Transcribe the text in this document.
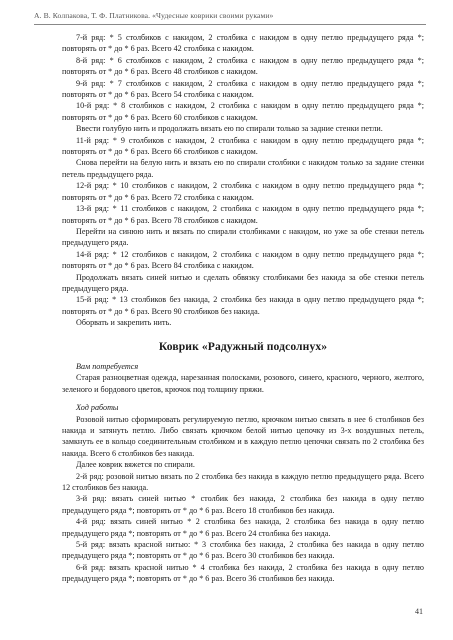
А. В. Колпакова, Т. Ф. Платникова. «Чудесные коврики своими руками»

7-й ряд: * 5 столбиков с накидом, 2 столбика с накидом в одну петлю предыдущего ряда *; повторять от * до * 6 раз. Всего 42 столбика с накидом.

8-й ряд: * 6 столбиков с накидом, 2 столбика с накидом в одну петлю предыдущего ряда *; повторять от * до * 6 раз. Всего 48 столбиков с накидом.

9-й ряд: * 7 столбиков с накидом, 2 столбика с накидом в одну петлю предыдущего ряда *; повторять от * до * 6 раз. Всего 54 столбика с накидом.

10-й ряд: * 8 столбиков с накидом, 2 столбика с накидом в одну петлю предыдущего ряда *; повторять от * до * 6 раз. Всего 60 столбиков с накидом.

Ввести голубую нить и продолжать вязать ею по спирали только за задние стенки петли.

11-й ряд: * 9 столбиков с накидом, 2 столбика с накидом в одну петлю предыдущего ряда *; повторять от * до * 6 раз. Всего 66 столбиков с накидом.

Снова перейти на белую нить и вязать ею по спирали столбики с накидом только за задние стенки петель предыдущего ряда.

12-й ряд: * 10 столбиков с накидом, 2 столбика с накидом в одну петлю предыдущего ряда *; повторять от * до * 6 раз. Всего 72 столбика с накидом.

13-й ряд: * 11 столбиков с накидом, 2 столбика с накидом в одну петлю предыдущего ряда *; повторять от * до * 6 раз. Всего 78 столбиков с накидом.

Перейти на синюю нить и вязать по спирали столбиками с накидом, но уже за обе стенки петель предыдущего ряда.

14-й ряд: * 12 столбиков с накидом, 2 столбика с накидом в одну петлю предыдущего ряда *; повторять от * до * 6 раз. Всего 84 столбика с накидом.

Продолжать вязать синей нитью и сделать обвязку столбиками без накида за обе стенки петель предыдущего ряда.

15-й ряд: * 13 столбиков без накида, 2 столбика без накида в одну петлю предыдущего ряда *; повторять от * до * 6 раз. Всего 90 столбиков без накида.

Оборвать и закрепить нить.

Коврик «Радужный подсолнух»

Вам потребуется

Старая разноцветная одежда, нарезанная полосками, розового, синего, красного, черного, желтого, зеленого и бордового цветов, крючок под толщину пряжи.

Ход работы

Розовой нитью сформировать регулируемую петлю, крючком нитью связать в нее 6 столбиков без накида и затянуть петлю. Либо связать крючком белой нитью цепочку из 3-х воздушных петель, замкнуть ее в кольцо соединительным столбиком и в каждую петлю цепочки связать по 2 столбика без накида. Всего 6 столбиков без накида.

Далее коврик вяжется по спирали.

2-й ряд: розовой нитью вязать по 2 столбика без накида в каждую петлю предыдущего ряда. Всего 12 столбиков без накида.

3-й ряд: вязать синей нитью * столбик без накида, 2 столбика без накида в одну петлю предыдущего ряда *; повторять от * до * 6 раз. Всего 18 столбиков без накида.

4-й ряд: вязать синей нитью * 2 столбика без накида, 2 столбика без накида в одну петлю предыдущего ряда *; повторять от * до * 6 раз. Всего 24 столбика без накида.

5-й ряд: вязать красной нитью: * 3 столбика без накида, 2 столбика без накида в одну петлю предыдущего ряда *; повторять от * до * 6 раз. Всего 30 столбиков без накида.

6-й ряд: вязать красной нитью * 4 столбика без накида, 2 столбика без накида в одну петлю предыдущего ряда *; повторять от * до * 6 раз. Всего 36 столбиков без накида.

41
